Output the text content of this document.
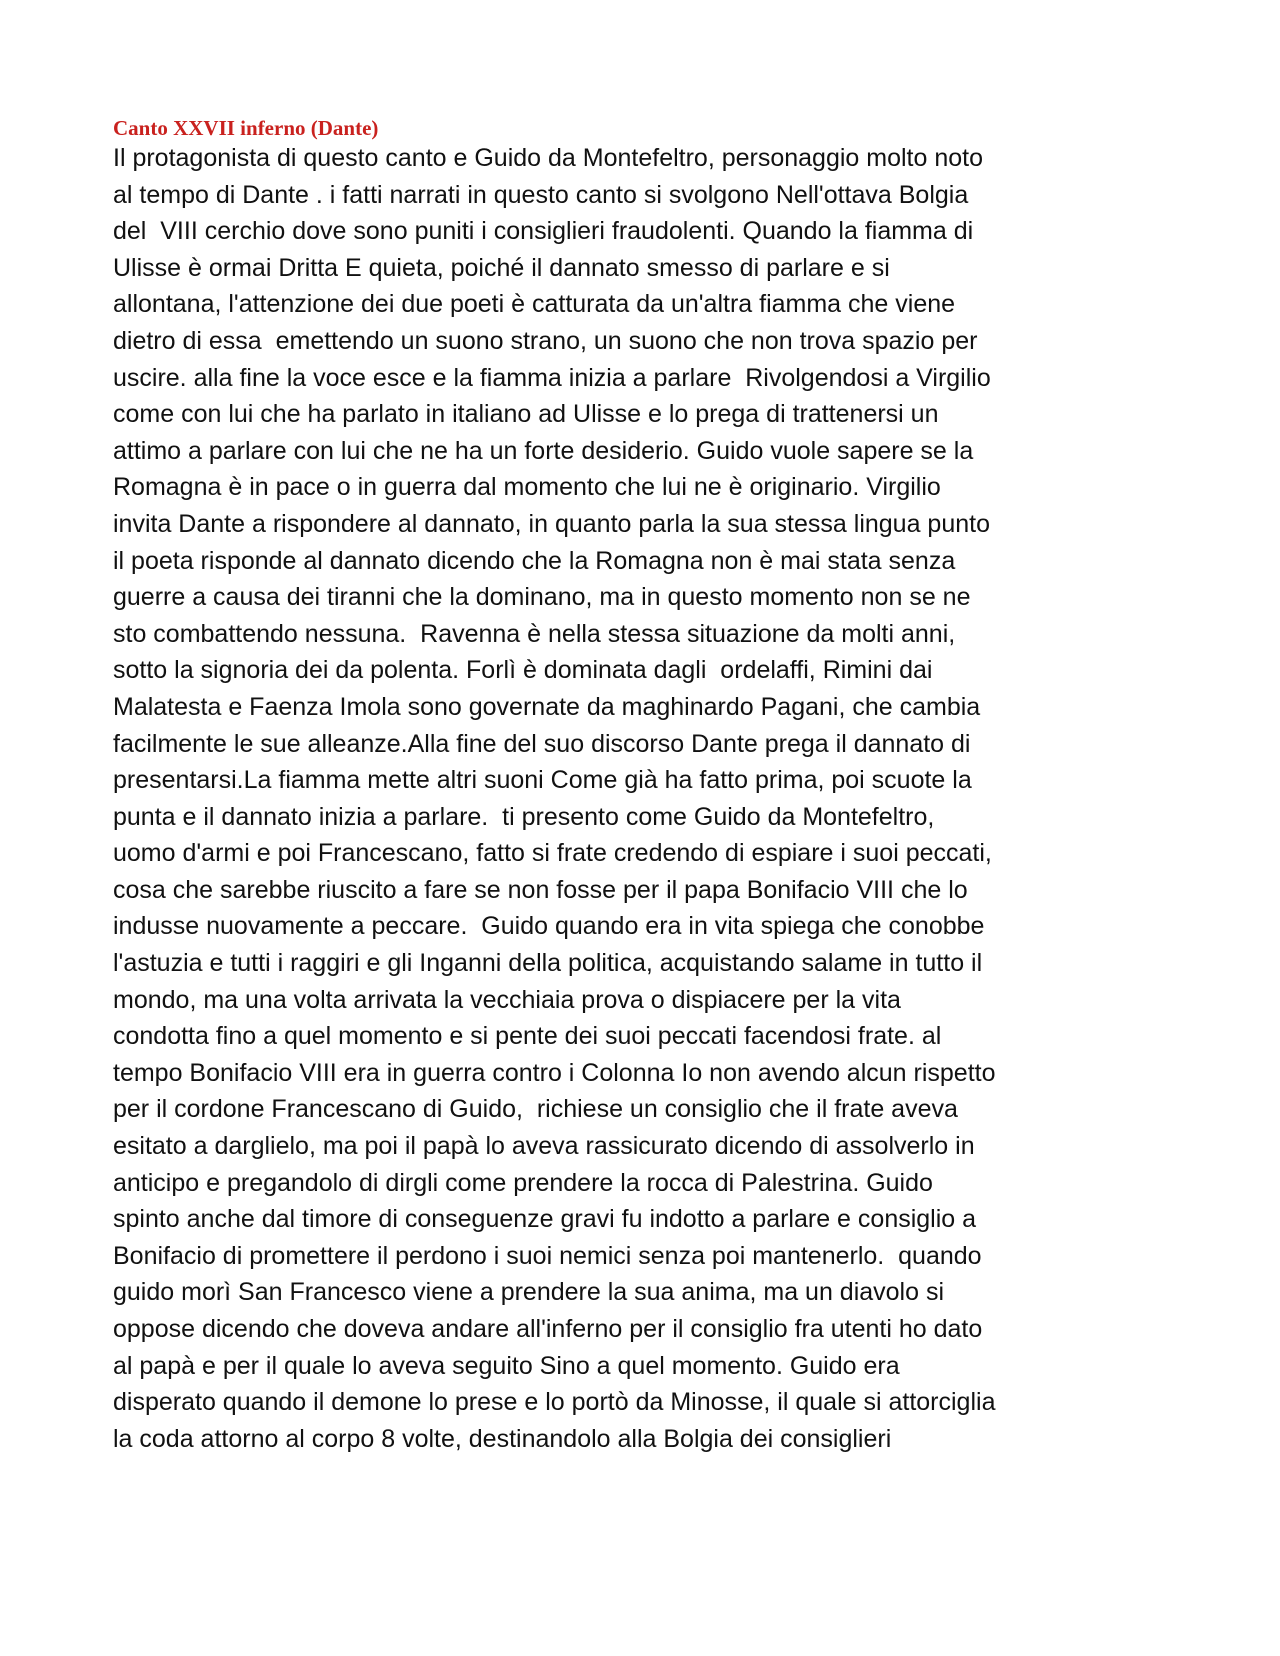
Canto XXVII inferno (Dante)
Il protagonista di questo canto e Guido da Montefeltro, personaggio molto noto
al tempo di Dante . i fatti narrati in questo canto si svolgono Nell'ottava Bolgia
del  VIII cerchio dove sono puniti i consiglieri fraudolenti. Quando la fiamma di
Ulisse è ormai Dritta E quieta, poiché il dannato smesso di parlare e si
allontana, l'attenzione dei due poeti è catturata da un'altra fiamma che viene
dietro di essa  emettendo un suono strano, un suono che non trova spazio per
uscire. alla fine la voce esce e la fiamma inizia a parlare  Rivolgendosi a Virgilio
come con lui che ha parlato in italiano ad Ulisse e lo prega di trattenersi un
attimo a parlare con lui che ne ha un forte desiderio. Guido vuole sapere se la
Romagna è in pace o in guerra dal momento che lui ne è originario. Virgilio
invita Dante a rispondere al dannato, in quanto parla la sua stessa lingua punto
il poeta risponde al dannato dicendo che la Romagna non è mai stata senza
guerre a causa dei tiranni che la dominano, ma in questo momento non se ne
sto combattendo nessuna.  Ravenna è nella stessa situazione da molti anni,
sotto la signoria dei da polenta. Forlì è dominata dagli  ordelaffi, Rimini dai
Malatesta e Faenza Imola sono governate da maghinardo Pagani, che cambia
facilmente le sue alleanze.Alla fine del suo discorso Dante prega il dannato di
presentarsi.La fiamma mette altri suoni Come già ha fatto prima, poi scuote la
punta e il dannato inizia a parlare.  ti presento come Guido da Montefeltro,
uomo d'armi e poi Francescano, fatto si frate credendo di espiare i suoi peccati,
cosa che sarebbe riuscito a fare se non fosse per il papa Bonifacio VIII che lo
indusse nuovamente a peccare.  Guido quando era in vita spiega che conobbe
l'astuzia e tutti i raggiri e gli Inganni della politica, acquistando salame in tutto il
mondo, ma una volta arrivata la vecchiaia prova o dispiacere per la vita
condotta fino a quel momento e si pente dei suoi peccati facendosi frate. al
tempo Bonifacio VIII era in guerra contro i Colonna Io non avendo alcun rispetto
per il cordone Francescano di Guido,  richiese un consiglio che il frate aveva
esitato a darglielo, ma poi il papà lo aveva rassicurato dicendo di assolverlo in
anticipo e pregandolo di dirgli come prendere la rocca di Palestrina. Guido
spinto anche dal timore di conseguenze gravi fu indotto a parlare e consiglio a
Bonifacio di promettere il perdono i suoi nemici senza poi mantenerlo.  quando
guido morì San Francesco viene a prendere la sua anima, ma un diavolo si
oppose dicendo che doveva andare all'inferno per il consiglio fra utenti ho dato
al papà e per il quale lo aveva seguito Sino a quel momento. Guido era
disperato quando il demone lo prese e lo portò da Minosse, il quale si attorciglia
la coda attorno al corpo 8 volte, destinandolo alla Bolgia dei consiglieri
